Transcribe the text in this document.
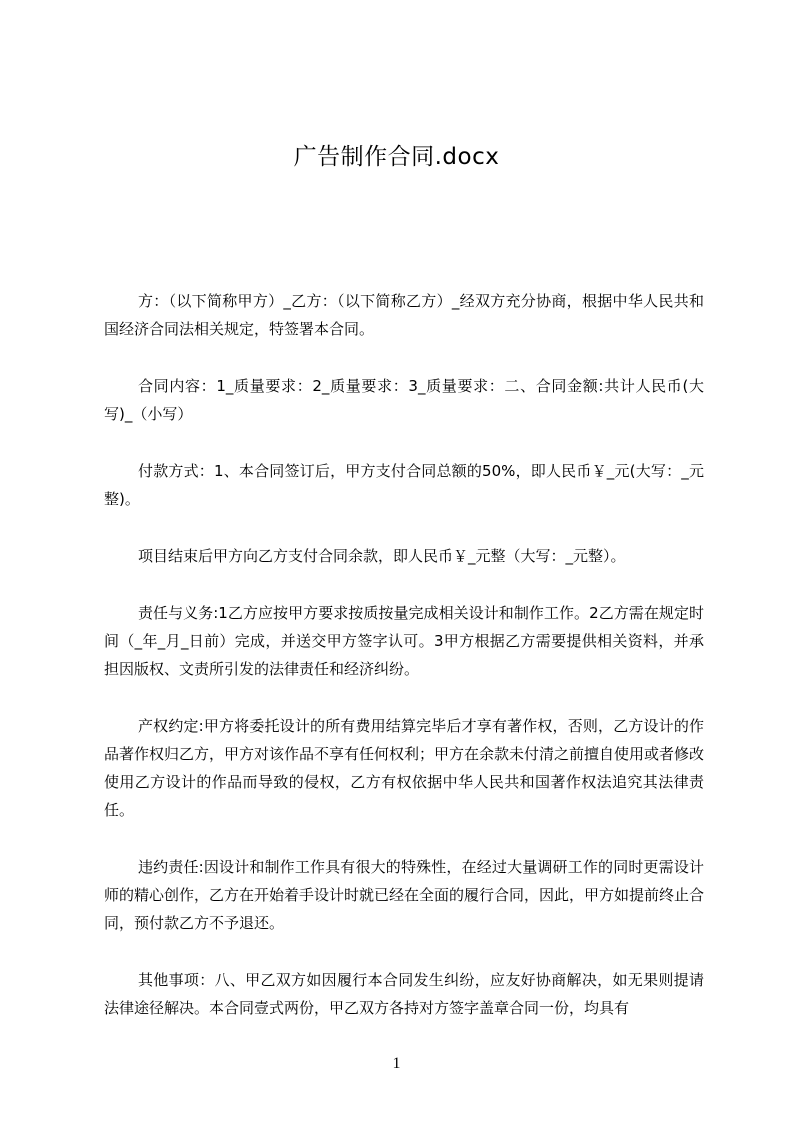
广告制作合同.docx

方：（以下简称甲方）_乙方：（以下简称乙方）_经双方充分协商，根据中华人民共和国经济合同法相关规定，特签署本合同。

合同内容：1_质量要求：2_质量要求：3_质量要求：二、合同金额:共计人民币(大写)_（小写）

付款方式：1、本合同签订后，甲方支付合同总额的50%，即人民币￥_元(大写：_元整)。

项目结束后甲方向乙方支付合同余款，即人民币￥_元整（大写：_元整）。

责任与义务:1乙方应按甲方要求按质按量完成相关设计和制作工作。2乙方需在规定时间（_年_月_日前）完成，并送交甲方签字认可。3甲方根据乙方需要提供相关资料，并承担因版权、文责所引发的法律责任和经济纠纷。

产权约定:甲方将委托设计的所有费用结算完毕后才享有著作权，否则，乙方设计的作品著作权归乙方，甲方对该作品不享有任何权利；甲方在余款未付清之前擅自使用或者修改使用乙方设计的作品而导致的侵权，乙方有权依据中华人民共和国著作权法追究其法律责任。

违约责任:因设计和制作工作具有很大的特殊性，在经过大量调研工作的同时更需设计师的精心创作，乙方在开始着手设计时就已经在全面的履行合同，因此，甲方如提前终止合同，预付款乙方不予退还。

其他事项：八、甲乙双方如因履行本合同发生纠纷，应友好协商解决，如无果则提请法律途径解决。本合同壹式两份，甲乙双方各持对方签字盖章合同一份，均具有

1
